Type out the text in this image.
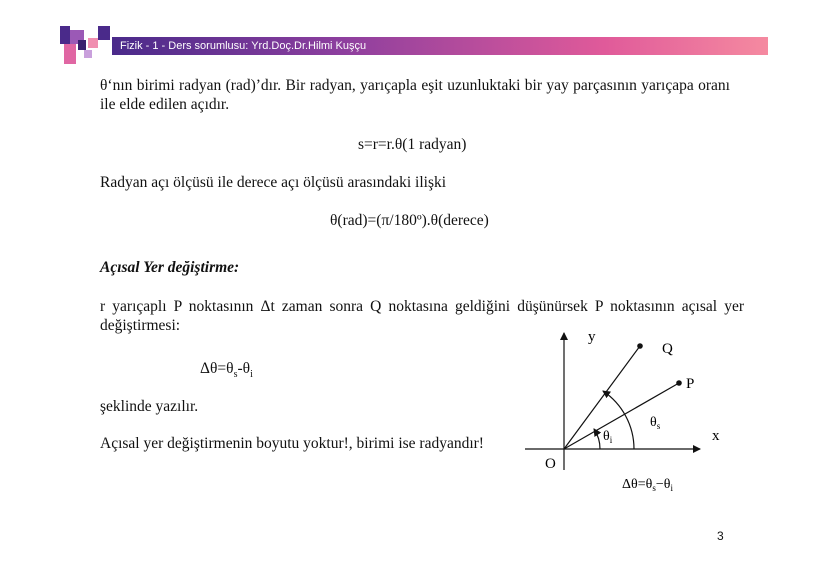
Fizik - 1 - Ders sorumlusu: Yrd.Doç.Dr.Hilmi Kuşçu
θ‘nın birimi radyan (rad)’dır. Bir radyan, yarıçapla eşit uzunluktaki bir yay parçasının yarıçapa oranı ile elde edilen açıdır.
s=r=r.θ(1 radyan)
Radyan açı ölçüsü ile derece açı ölçüsü arasındaki ilişki
θ(rad)=(π/180º).θ(derece)
Açısal Yer değiştirme:
r yarıçaplı P noktasının Δt zaman sonra Q noktasına geldiğini düşünürsek P noktasının açısal yer değiştirmesi:
$\Delta\theta=\theta_s-\theta_i$
şeklinde yazılır.
Açısal yer değiştirmenin boyutu yoktur!, birimi ise radyandır!
y
x
O
Q
P
$\theta_i$
$\theta_s$
$\Delta\theta=\theta_s-\theta_i$
3
